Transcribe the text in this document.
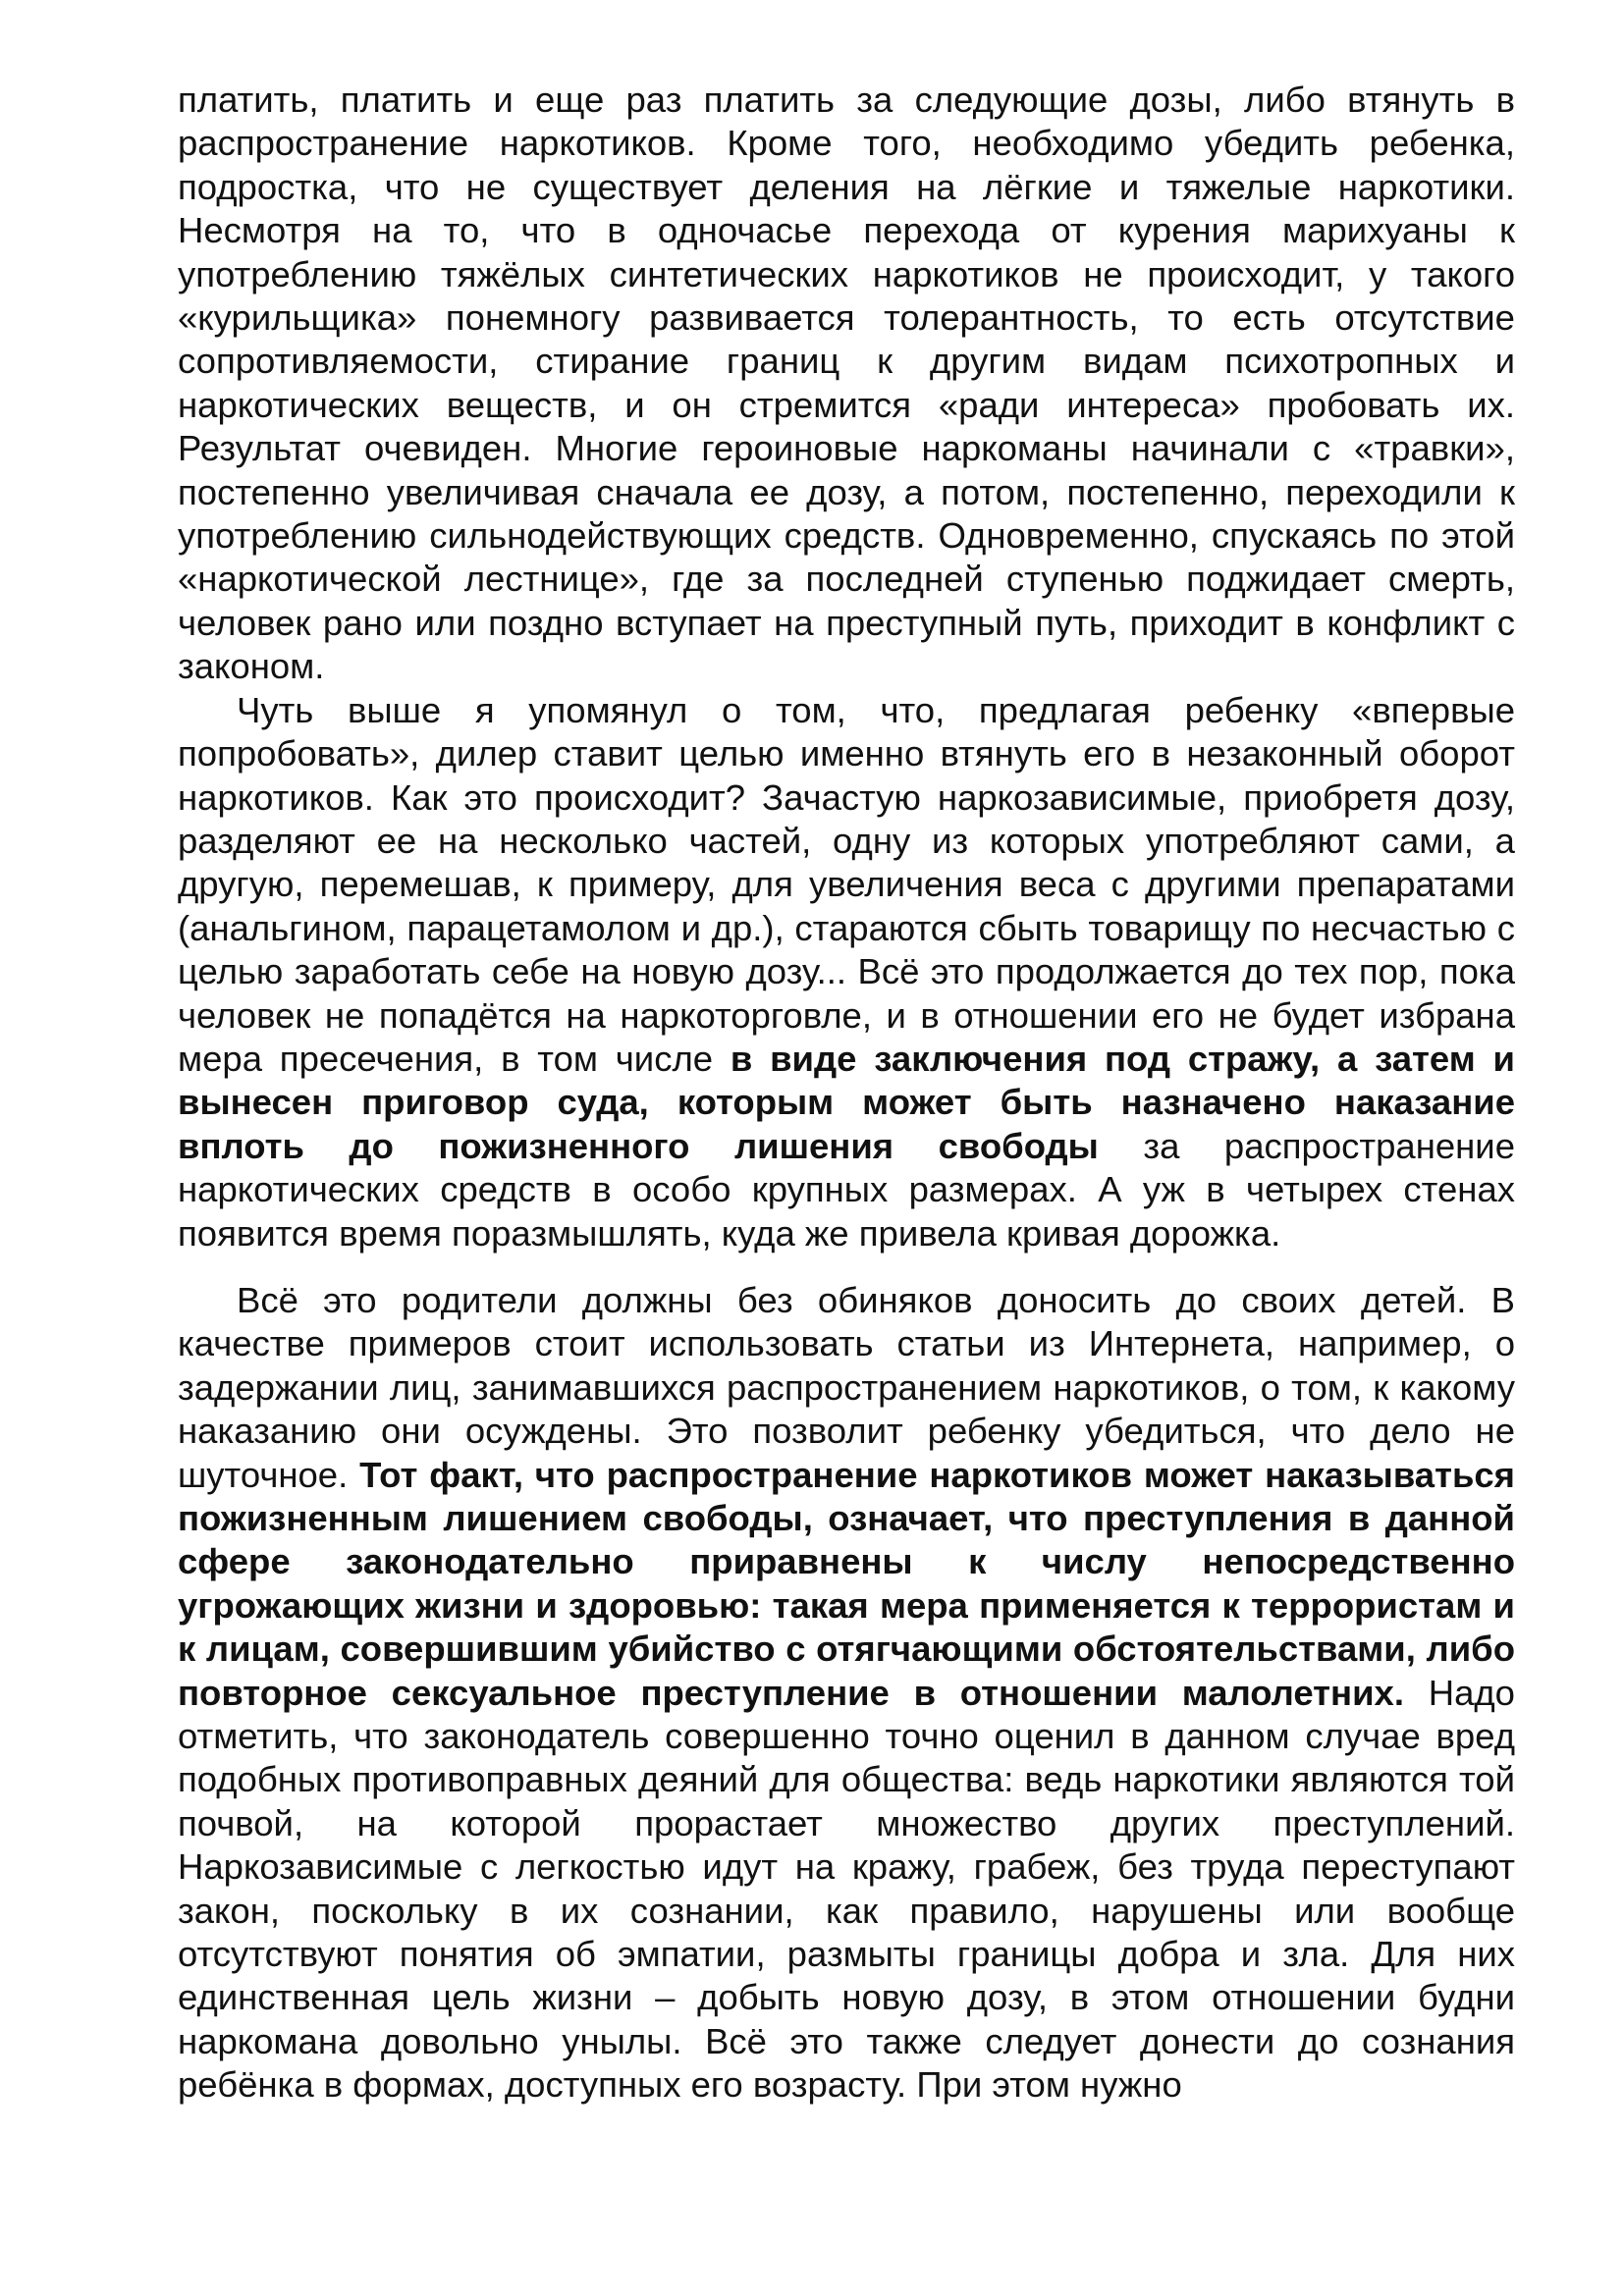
платить, платить и еще раз платить за следующие дозы, либо втянуть в распространение наркотиков. Кроме того, необходимо убедить ребенка, подростка, что не существует деления на лёгкие и тяжелые наркотики. Несмотря на то, что в одночасье перехода от курения марихуаны к употреблению тяжёлых синтетических наркотиков не происходит, у такого «курильщика» понемногу развивается толерантность, то есть отсутствие сопротивляемости, стирание границ к другим видам психотропных и наркотических веществ, и он стремится «ради интереса» пробовать их. Результат очевиден. Многие героиновые наркоманы начинали с «травки», постепенно увеличивая сначала ее дозу, а потом, постепенно, переходили к употреблению сильнодействующих средств. Одновременно, спускаясь по этой «наркотической лестнице», где за последней ступенью поджидает смерть, человек рано или поздно вступает на преступный путь, приходит в конфликт с законом.

Чуть выше я упомянул о том, что, предлагая ребенку «впервые попробовать», дилер ставит целью именно втянуть его в незаконный оборот наркотиков. Как это происходит? Зачастую наркозависимые, приобретя дозу, разделяют ее на несколько частей, одну из которых употребляют сами, а другую, перемешав, к примеру, для увеличения веса с другими препаратами (анальгином, парацетамолом и др.), стараются сбыть товарищу по несчастью с целью заработать себе на новую дозу... Всё это продолжается до тех пор, пока человек не попадётся на наркоторговле, и в отношении его не будет избрана мера пресечения, в том числе в виде заключения под стражу, а затем и вынесен приговор суда, которым может быть назначено наказание вплоть до пожизненного лишения свободы за распространение наркотических средств в особо крупных размерах. А уж в четырех стенах появится время поразмышлять, куда же привела кривая дорожка.

Всё это родители должны без обиняков доносить до своих детей. В качестве примеров стоит использовать статьи из Интернета, например, о задержании лиц, занимавшихся распространением наркотиков, о том, к какому наказанию они осуждены. Это позволит ребенку убедиться, что дело не шуточное. Тот факт, что распространение наркотиков может наказываться пожизненным лишением свободы, означает, что преступления в данной сфере законодательно приравнены к числу непосредственно угрожающих жизни и здоровью: такая мера применяется к террористам и к лицам, совершившим убийство с отягчающими обстоятельствами, либо повторное сексуальное преступление в отношении малолетних. Надо отметить, что законодатель совершенно точно оценил в данном случае вред подобных противоправных деяний для общества: ведь наркотики являются той почвой, на которой прорастает множество других преступлений. Наркозависимые с легкостью идут на кражу, грабеж, без труда переступают закон, поскольку в их сознании, как правило, нарушены или вообще отсутствуют понятия об эмпатии, размыты границы добра и зла. Для них единственная цель жизни – добыть новую дозу, в этом отношении будни наркомана довольно унылы. Всё это также следует донести до сознания ребёнка в формах, доступных его возрасту. При этом нужно
